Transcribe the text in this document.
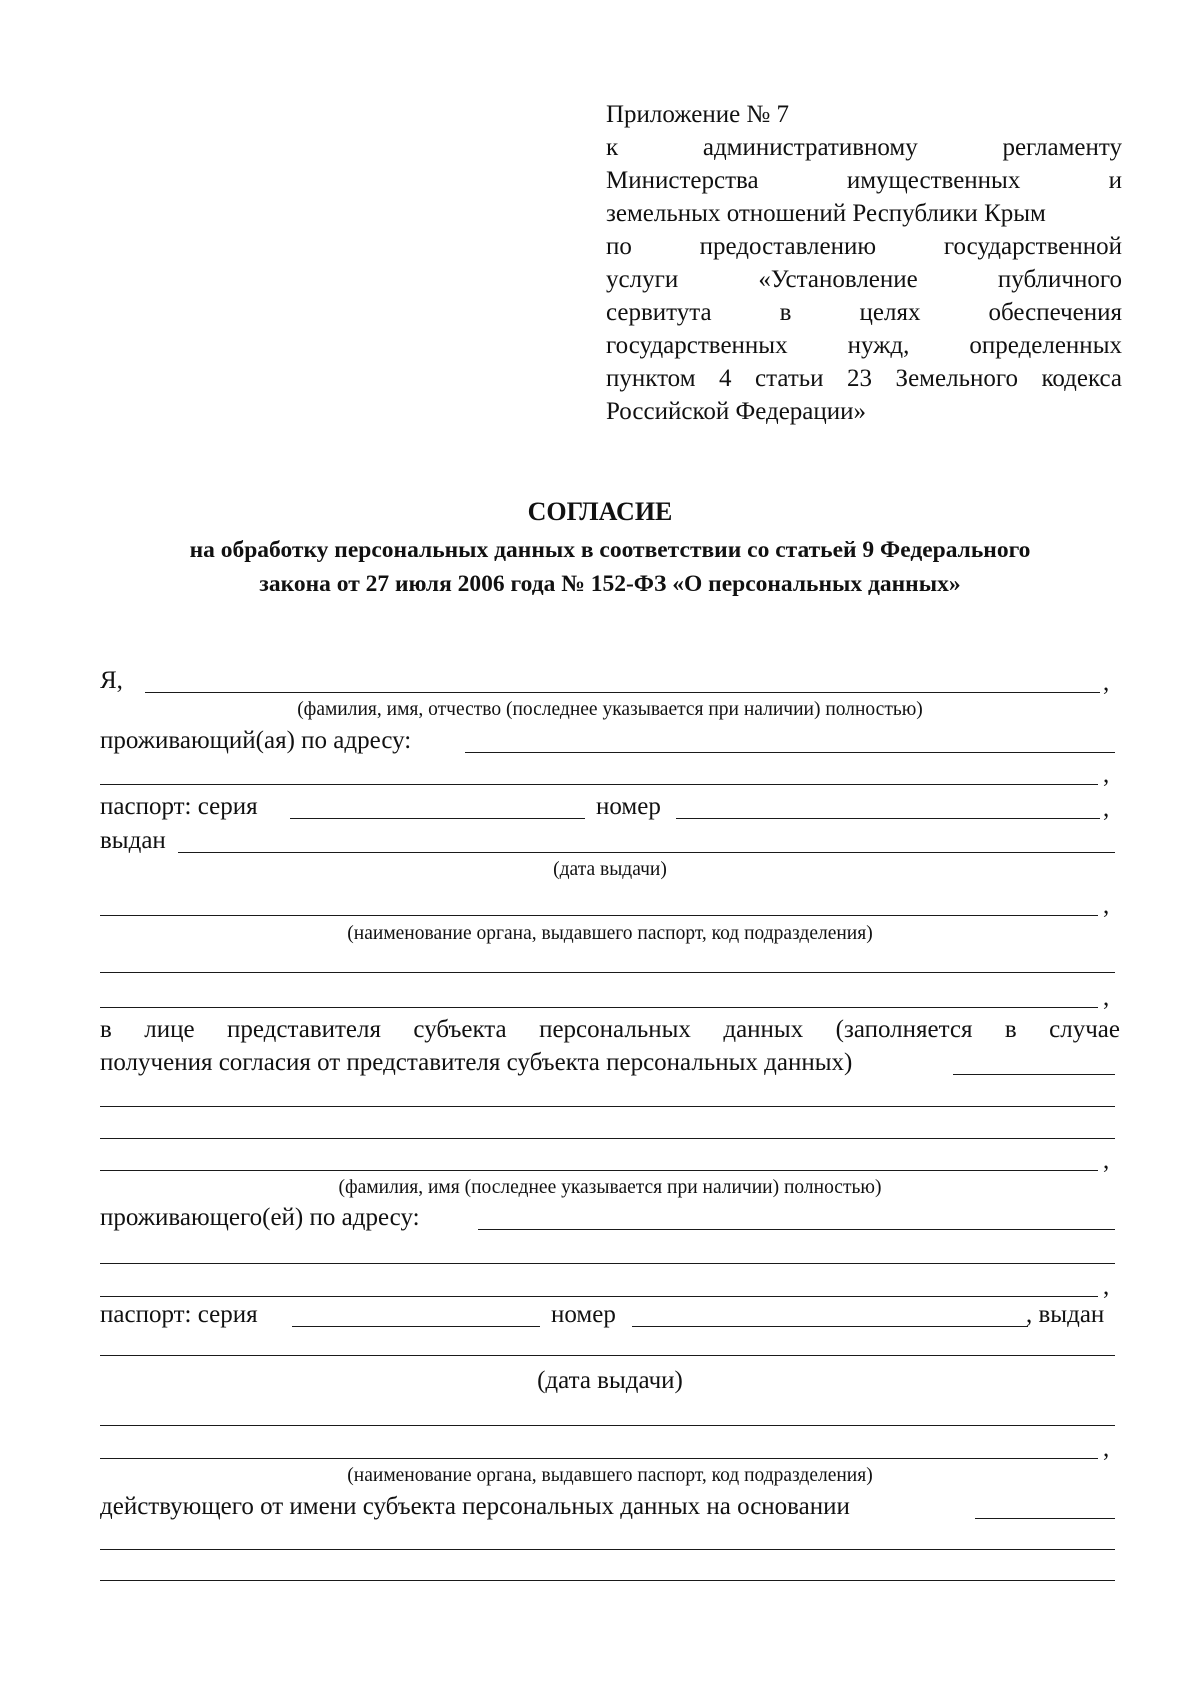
Приложение № 7
к административному регламенту
Министерства имущественных и
земельных отношений Республики Крым
по предоставлению государственной
услуги «Установление публичного
сервитута в целях обеспечения
государственных нужд, определенных
пунктом 4 статьи 23 Земельного кодекса
Российской Федерации»
СОГЛАСИЕ
на обработку персональных данных в соответствии со статьей 9 Федерального
закона от 27 июля 2006 года № 152-ФЗ «О персональных данных»
Я,	,
(фамилия, имя, отчество (последнее указывается при наличии) полностью)
проживающий(ая) по адресу:
,
паспорт: серия	номер	,
выдан
(дата выдачи)
,
(наименование органа, выдавшего паспорт, код подразделения)
,
в лице представителя субъекта персональных данных (заполняется в случае
получения согласия от представителя субъекта персональных данных)
,
(фамилия, имя (последнее указывается при наличии) полностью)
проживающего(ей) по адресу:
,
паспорт: серия	номер	, выдан
(дата выдачи)
,
(наименование органа, выдавшего паспорт, код подразделения)
действующего от имени субъекта персональных данных на основании
